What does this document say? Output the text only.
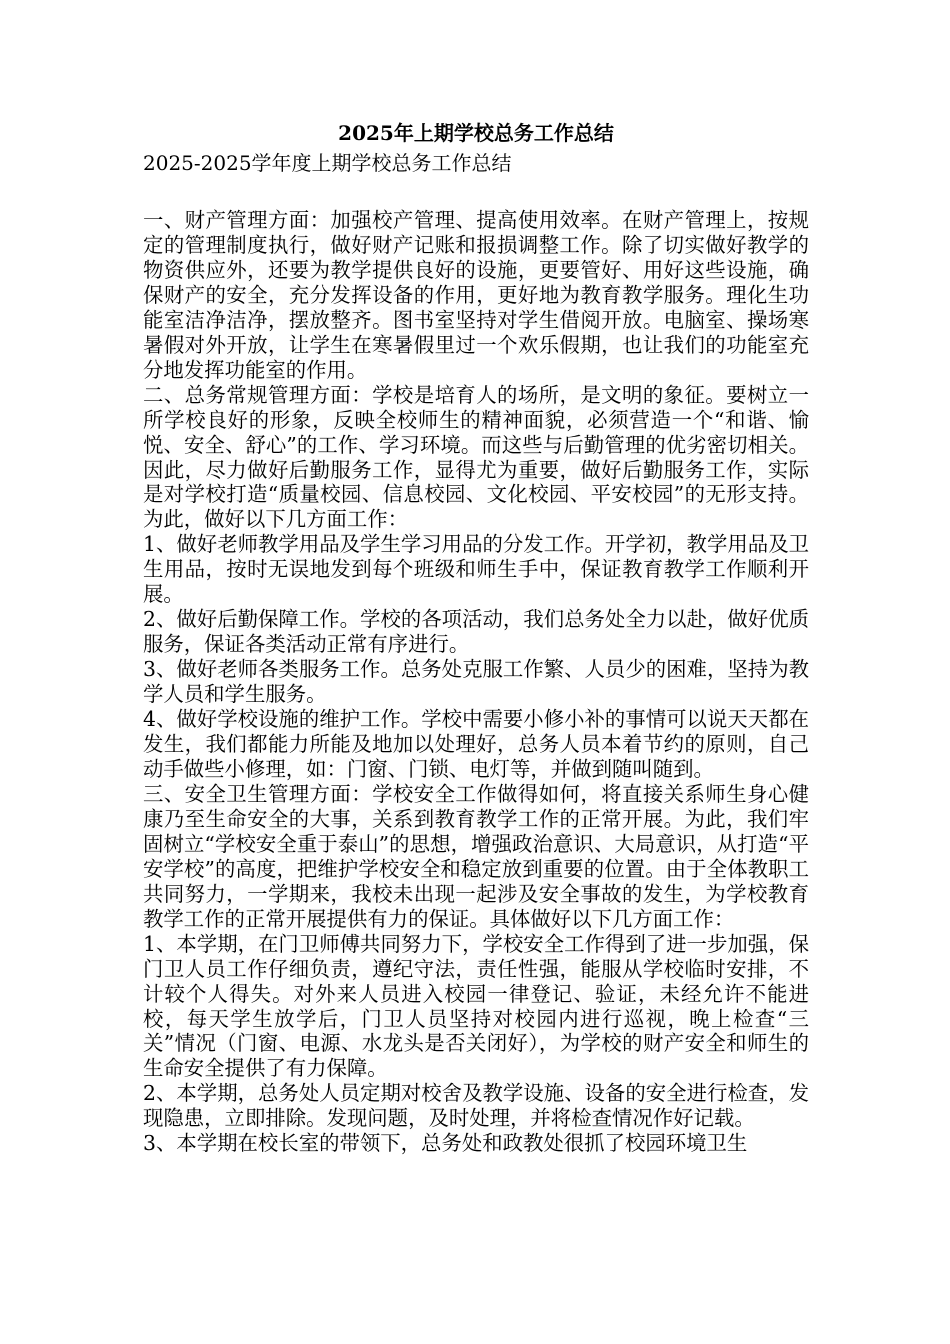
2025年上期学校总务工作总结

2025-2025学年度上期学校总务工作总结

一、财产管理方面：加强校产管理、提高使用效率。在财产管理上，按规定的管理制度执行，做好财产记账和报损调整工作。除了切实做好教学的物资供应外，还要为教学提供良好的设施，更要管好、用好这些设施，确保财产的安全，充分发挥设备的作用，更好地为教育教学服务。理化生功能室洁净洁净，摆放整齐。图书室坚持对学生借阅开放。电脑室、操场寒暑假对外开放，让学生在寒暑假里过一个欢乐假期，也让我们的功能室充分地发挥功能室的作用。

二、总务常规管理方面：学校是培育人的场所，是文明的象征。要树立一所学校良好的形象，反映全校师生的精神面貌，必须营造一个“和谐、愉悦、安全、舒心”的工作、学习环境。而这些与后勤管理的优劣密切相关。因此，尽力做好后勤服务工作，显得尤为重要，做好后勤服务工作，实际是对学校打造“质量校园、信息校园、文化校园、平安校园”的无形支持。为此，做好以下几方面工作：

1、做好老师教学用品及学生学习用品的分发工作。开学初，教学用品及卫生用品，按时无误地发到每个班级和师生手中，保证教育教学工作顺利开展。

2、做好后勤保障工作。学校的各项活动，我们总务处全力以赴，做好优质服务，保证各类活动正常有序进行。

3、做好老师各类服务工作。总务处克服工作繁、人员少的困难，坚持为教学人员和学生服务。

4、做好学校设施的维护工作。学校中需要小修小补的事情可以说天天都在发生，我们都能力所能及地加以处理好，总务人员本着节约的原则，自己动手做些小修理，如：门窗、门锁、电灯等，并做到随叫随到。

三、安全卫生管理方面：学校安全工作做得如何，将直接关系师生身心健康乃至生命安全的大事，关系到教育教学工作的正常开展。为此，我们牢固树立“学校安全重于泰山”的思想，增强政治意识、大局意识，从打造“平安学校”的高度，把维护学校安全和稳定放到重要的位置。由于全体教职工共同努力，一学期来，我校未出现一起涉及安全事故的发生，为学校教育教学工作的正常开展提供有力的保证。具体做好以下几方面工作：

1、本学期，在门卫师傅共同努力下，学校安全工作得到了进一步加强，保门卫人员工作仔细负责，遵纪守法，责任性强，能服从学校临时安排，不计较个人得失。对外来人员进入校园一律登记、验证，未经允许不能进校，每天学生放学后，门卫人员坚持对校园内进行巡视，晚上检查“三关”情况（门窗、电源、水龙头是否关闭好），为学校的财产安全和师生的生命安全提供了有力保障。

2、本学期，总务处人员定期对校舍及教学设施、设备的安全进行检查，发现隐患，立即排除。发现问题，及时处理，并将检查情况作好记载。

3、本学期在校长室的带领下，总务处和政教处很抓了校园环境卫生
